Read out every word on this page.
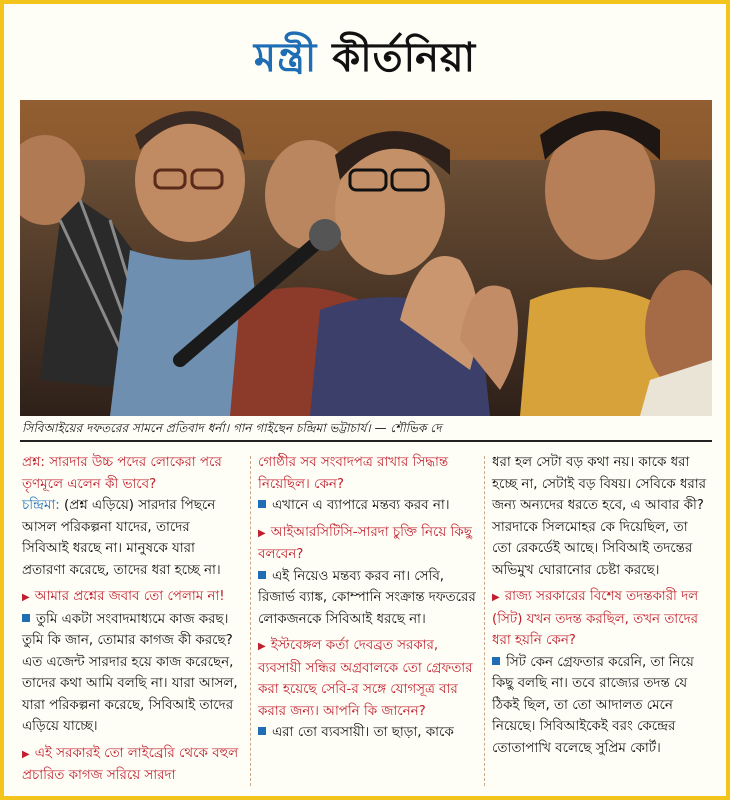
মন্ত্রী কীর্তনিয়া
সিবিআইয়ের দফতরের সামনে প্রতিবাদ ধর্না। গান গাইছেন চন্দ্রিমা ভট্টাচার্য। — শৌভিক দে

প্রশ্ন: সারদার উচ্চ পদের লোকেরা পরে তৃণমূলে এলেন কী ভাবে?

চন্দ্রিমা: (প্রশ্ন এড়িয়ে) সারদার পিছনে আসল পরিকল্পনা যাদের, তাদের সিবিআই ধরছে না। মানুষকে যারা প্রতারণা করেছে, তাদের ধরা হচ্ছে না।

▶ আমার প্রশ্নের জবাব তো পেলাম না!

তুমি একটা সংবাদমাধ্যমে কাজ করছ। তুমি কি জান, তোমার কাগজ কী করছে? এত এজেন্ট সারদার হয়ে কাজ করেছেন, তাদের কথা আমি বলছি না। যারা আসল, যারা পরিকল্পনা করেছে, সিবিআই তাদের এড়িয়ে যাচ্ছে।

▶ এই সরকারই তো লাইব্রেরি থেকে বহুল প্রচারিত কাগজ সরিয়ে সারদা

গোষ্ঠীর সব সংবাদপত্র রাখার সিদ্ধান্ত নিয়েছিল। কেন?

এখানে এ ব্যাপারে মন্তব্য করব না।

▶ আইআরসিটিসি-সারদা চুক্তি নিয়ে কিছু বলবেন?

এই নিয়েও মন্তব্য করব না। সেবি, রিজার্ভ ব্যাঙ্ক, কোম্পানি সংক্রান্ত দফতরের লোকজনকে সিবিআই ধরছে না।

▶ ইস্টবেঙ্গল কর্তা দেবব্রত সরকার, ব্যবসায়ী সন্ধির অগ্রবালকে তো গ্রেফতার করা হয়েছে সেবি-র সঙ্গে যোগসূত্র বার করার জন্য। আপনি কি জানেন?

এরা তো ব্যবসায়ী। তা ছাড়া, কাকে

ধরা হল সেটা বড় কথা নয়। কাকে ধরা হচ্ছে না, সেটাই বড় বিষয়। সেবিকে ধরার জন্য অন্যদের ধরতে হবে, এ আবার কী? সারদাকে সিলমোহর কে দিয়েছিল, তা তো রেকর্ডেই আছে। সিবিআই তদন্তের অভিমুখ ঘোরানোর চেষ্টা করছে।

▶ রাজ্য সরকারের বিশেষ তদন্তকারী দল (সিট) যখন তদন্ত করছিল, তখন তাদের ধরা হয়নি কেন?

সিট কেন গ্রেফতার করেনি, তা নিয়ে কিছু বলছি না। তবে রাজ্যের তদন্ত যে ঠিকই ছিল, তা তো আদালত মেনে নিয়েছে। সিবিআইকেই বরং কেন্দ্রের তোতাপাখি বলেছে সুপ্রিম কোর্ট।
